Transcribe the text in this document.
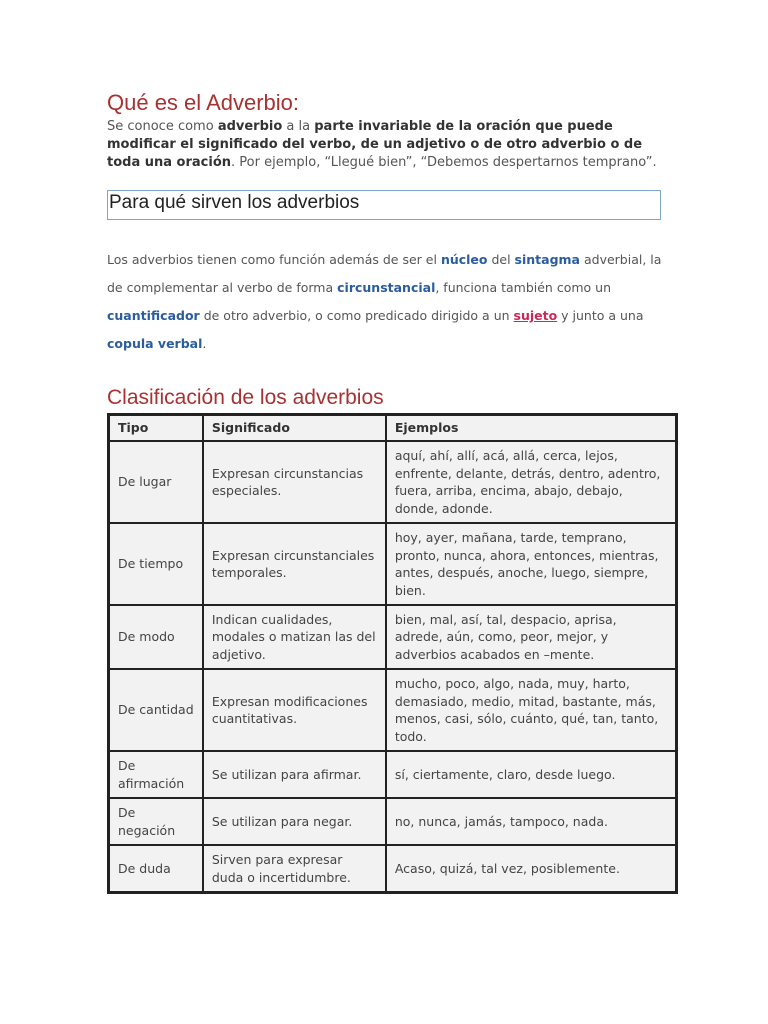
Qué es el Adverbio:

Se conoce como adverbio a la parte invariable de la oración que puede modificar el significado del verbo, de un adjetivo o de otro adverbio o de toda una oración. Por ejemplo, “Llegué bien”, “Debemos despertarnos temprano”.

Para qué sirven los adverbios

Los adverbios tienen como función además de ser el núcleo del sintagma adverbial, la de complementar al verbo de forma circunstancial, funciona también como un cuantificador de otro adverbio, o como predicado dirigido a un sujeto y junto a una copula verbal.

Clasificación de los adverbios
Tipo	Significado	Ejemplos
De lugar	Expresan circunstancias especiales.	aquí, ahí, allí, acá, allá, cerca, lejos, enfrente, delante, detrás, dentro, adentro, fuera, arriba, encima, abajo, debajo, donde, adonde.
De tiempo	Expresan circunstanciales temporales.	hoy, ayer, mañana, tarde, temprano, pronto, nunca, ahora, entonces, mientras, antes, después, anoche, luego, siempre, bien.
De modo	Indican cualidades, modales o matizan las del adjetivo.	bien, mal, así, tal, despacio, aprisa, adrede, aún, como, peor, mejor, y adverbios acabados en –mente.
De cantidad	Expresan modificaciones cuantitativas.	mucho, poco, algo, nada, muy, harto, demasiado, medio, mitad, bastante, más, menos, casi, sólo, cuánto, qué, tan, tanto, todo.
De afirmación	Se utilizan para afirmar.	sí, ciertamente, claro, desde luego.
De negación	Se utilizan para negar.	no, nunca, jamás, tampoco, nada.
De duda	Sirven para expresar duda o incertidumbre.	Acaso, quizá, tal vez, posiblemente.
